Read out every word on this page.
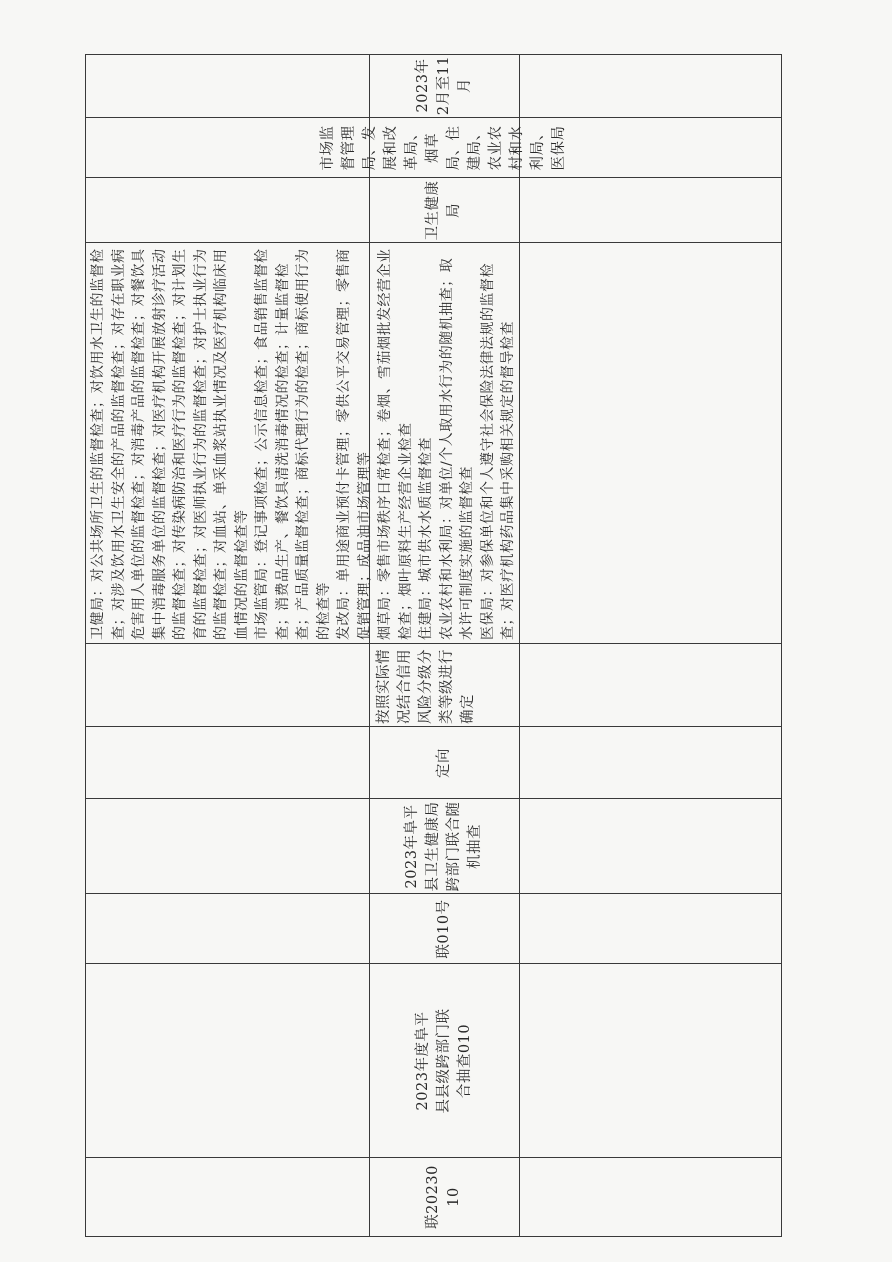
联2023010
2023年度阜平县县级跨部门联合抽查010
联010号
2023年阜平县卫生健康局跨部门联合随机抽查
定向
按照实际情况结合信用风险分级分类等级进行确定
卫健局：对公共场所卫生的监督检查；对饮用水卫生的监督检查；对涉及饮用水卫生安全的产品的监督检查；对存在职业病危害用人单位的监督检查；对消毒产品的监督检查；对餐饮具集中消毒服务单位的监督检查；对医疗机构开展放射诊疗活动的监督检查；对传染病防治和医疗行为的监督检查；对计划生育的监督检查；对医师执业行为的监督检查；对护士执业行为的监督检查；对血站、单采血浆站执业情况及医疗机构临床用血情况的监督检查等 市场监管局：登记事项检查；公示信息检查；食品销售监督检查；消费品生产、餐饮具清洗消毒情况的检查；计量监督检查；产品质量监督检查；商标代理行为的检查；商标使用行为的检查等 发改局：单用途商业预付卡管理；零供公平交易管理；零售商促销管理；成品油市场管理等 烟草局：零售市场秩序日常检查；卷烟、雪茄烟批发经营企业检查；烟叶原料生产经营企业检查 住建局：城市供水水质监督检查 农业农村和水利局：对单位/个人取用水行为的随机抽查；取水许可制度实施的监督检查 医保局：对参保单位和个人遵守社会保险法律法规的监督检查；对医疗机构药品集中采购相关规定的督导检查
卫生健康局
市场监督管理局、发展和改革局、烟草局、住建局、农业农村和水利局、医保局
2023年2月至11月
